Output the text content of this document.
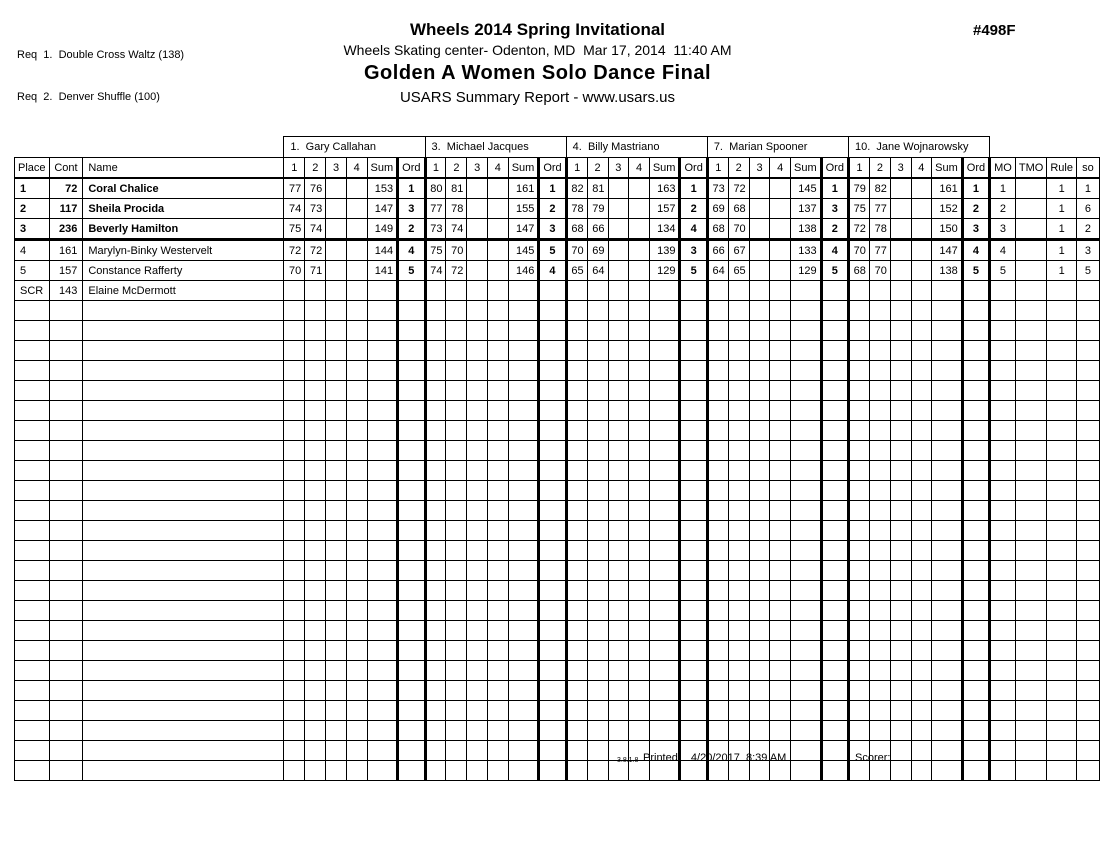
Req  1.  Double Cross Waltz (138)

Req  2.  Denver Shuffle (100)

Wheels 2014 Spring Invitational
Wheels Skating center- Odenton, MD  Mar 17, 2014  11:40 AM
Golden A Women Solo Dance Final
USARS Summary Report - www.usars.us
#498F
			1.  Gary Callahan						3.  Michael Jacques						4.  Billy Mastriano						7.  Marian Spooner						10.  Jane Wojnarowsky									
Place	Cont	Name	1	2	3	4	Sum	Ord	1	2	3	4	Sum	Ord	1	2	3	4	Sum	Ord	1	2	3	4	Sum	Ord	1	2	3	4	Sum	Ord	MO	TMO	Rule	so
1	72	Coral Chalice	77	76			153	1	80	81			161	1	82	81			163	1	73	72			145	1	79	82			161	1	1		1	1
2	117	Sheila Procida	74	73			147	3	77	78			155	2	78	79			157	2	69	68			137	3	75	77			152	2	2		1	6
3	236	Beverly Hamilton	75	74			149	2	73	74			147	3	68	66			134	4	68	70			138	2	72	78			150	3	3		1	2
4	161	Marylyn-Binky Westervelt	72	72			144	4	75	70			145	5	70	69			139	3	66	67			133	4	70	77			147	4	4		1	3
5	157	Constance Rafferty	70	71			141	5	74	72			146	4	65	64			129	5	64	65			129	5	68	70			138	5	5		1	5
SCR	143	Elaine McDermott																																		

3.8.1.8 Printed: 4/20/2017  8:39 AM	Scorer:
